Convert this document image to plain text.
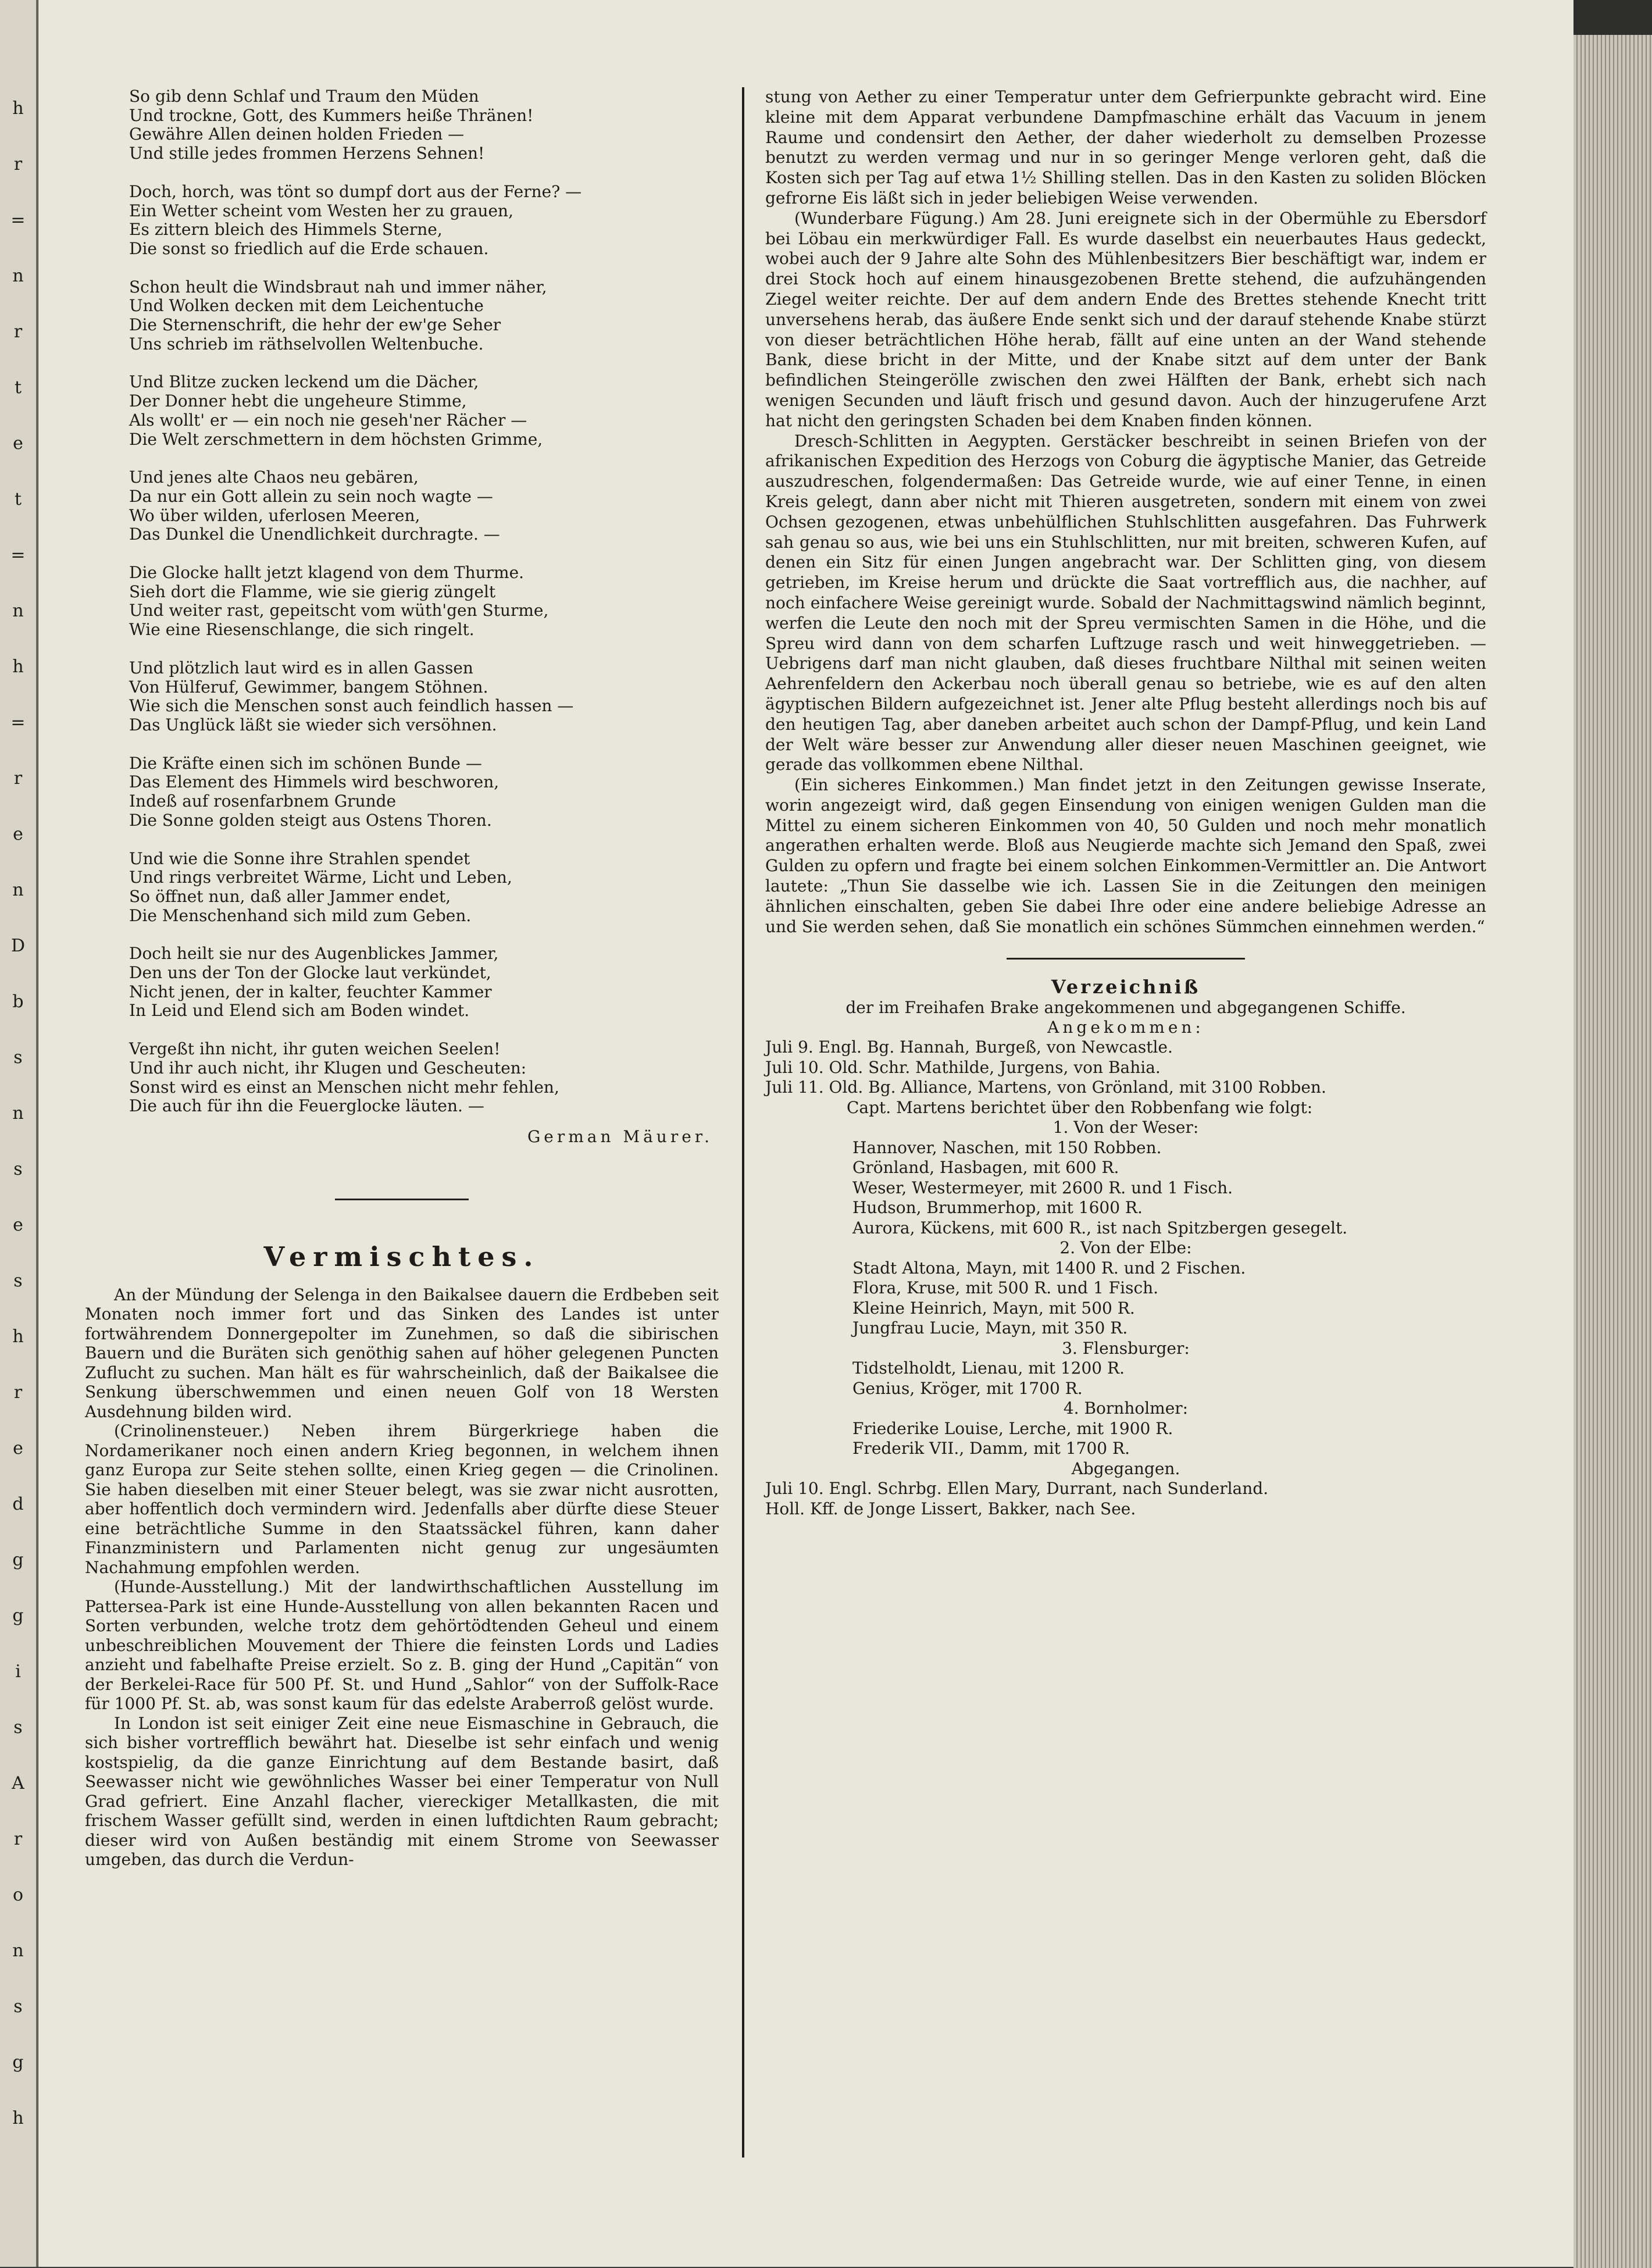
h
r
=
n
r
t
e
t
=
n
h
=
r
e
n
D
b
s
n
s
e
s
h
r
e
d
g
g
i
s
A
r
o
n
s
g
h
So gib denn Schlaf und Traum den Müden
Und trockne, Gott, des Kummers heiße Thränen!
Gewähre Allen deinen holden Frieden —
Und stille jedes frommen Herzens Sehnen!
Doch, horch, was tönt so dumpf dort aus der Ferne? —
Ein Wetter scheint vom Westen her zu grauen,
Es zittern bleich des Himmels Sterne,
Die sonst so friedlich auf die Erde schauen.
Schon heult die Windsbraut nah und immer näher,
Und Wolken decken mit dem Leichentuche
Die Sternenschrift, die hehr der ew'ge Seher
Uns schrieb im räthselvollen Weltenbuche.
Und Blitze zucken leckend um die Dächer,
Der Donner hebt die ungeheure Stimme,
Als wollt' er — ein noch nie geseh'ner Rächer —
Die Welt zerschmettern in dem höchsten Grimme,
Und jenes alte Chaos neu gebären,
Da nur ein Gott allein zu sein noch wagte —
Wo über wilden, uferlosen Meeren,
Das Dunkel die Unendlichkeit durchragte. —
Die Glocke hallt jetzt klagend von dem Thurme.
Sieh dort die Flamme, wie sie gierig züngelt
Und weiter rast, gepeitscht vom wüth'gen Sturme,
Wie eine Riesenschlange, die sich ringelt.
Und plötzlich laut wird es in allen Gassen
Von Hülferuf, Gewimmer, bangem Stöhnen.
Wie sich die Menschen sonst auch feindlich hassen —
Das Unglück läßt sie wieder sich versöhnen.
Die Kräfte einen sich im schönen Bunde —
Das Element des Himmels wird beschworen,
Indeß auf rosenfarbnem Grunde
Die Sonne golden steigt aus Ostens Thoren.
Und wie die Sonne ihre Strahlen spendet
Und rings verbreitet Wärme, Licht und Leben,
So öffnet nun, daß aller Jammer endet,
Die Menschenhand sich mild zum Geben.
Doch heilt sie nur des Augenblickes Jammer,
Den uns der Ton der Glocke laut verkündet,
Nicht jenen, der in kalter, feuchter Kammer
In Leid und Elend sich am Boden windet.
Vergeßt ihn nicht, ihr guten weichen Seelen!
Und ihr auch nicht, ihr Klugen und Gescheuten:
Sonst wird es einst an Menschen nicht mehr fehlen,
Die auch für ihn die Feuerglocke läuten. —
German Mäurer.
Vermischtes.

An der Mündung der Selenga in den Baikalsee dauern die Erdbeben seit Monaten noch immer fort und das Sinken des Landes ist unter fortwährendem Donnergepolter im Zunehmen, so daß die sibirischen Bauern und die Buräten sich genöthig sahen auf höher gelegenen Puncten Zuflucht zu suchen. Man hält es für wahrscheinlich, daß der Baikalsee die Senkung überschwemmen und einen neuen Golf von 18 Wersten Ausdehnung bilden wird.

(Crinolinensteuer.) Neben ihrem Bürgerkriege haben die Nordamerikaner noch einen andern Krieg begonnen, in welchem ihnen ganz Europa zur Seite stehen sollte, einen Krieg gegen — die Crinolinen. Sie haben dieselben mit einer Steuer belegt, was sie zwar nicht ausrotten, aber hoffentlich doch vermindern wird. Jedenfalls aber dürfte diese Steuer eine beträchtliche Summe in den Staatssäckel führen, kann daher Finanzministern und Parlamenten nicht genug zur ungesäumten Nachahmung empfohlen werden.

(Hunde-Ausstellung.) Mit der landwirthschaftlichen Ausstellung im Pattersea-Park ist eine Hunde-Ausstellung von allen bekannten Racen und Sorten verbunden, welche trotz dem gehörtödtenden Geheul und einem unbeschreiblichen Mouvement der Thiere die feinsten Lords und Ladies anzieht und fabelhafte Preise erzielt. So z. B. ging der Hund „Capitän“ von der Berkelei-Race für 500 Pf. St. und Hund „Sahlor“ von der Suffolk-Race für 1000 Pf. St. ab, was sonst kaum für das edelste Araberroß gelöst wurde.

In London ist seit einiger Zeit eine neue Eismaschine in Gebrauch, die sich bisher vortrefflich bewährt hat. Dieselbe ist sehr einfach und wenig kostspielig, da die ganze Einrichtung auf dem Bestande basirt, daß Seewasser nicht wie gewöhnliches Wasser bei einer Temperatur von Null Grad gefriert. Eine Anzahl flacher, viereckiger Metallkasten, die mit frischem Wasser gefüllt sind, werden in einen luftdichten Raum gebracht; dieser wird von Außen beständig mit einem Strome von Seewasser umgeben, das durch die Verdun-

stung von Aether zu einer Temperatur unter dem Gefrierpunkte gebracht wird. Eine kleine mit dem Apparat verbundene Dampfmaschine erhält das Vacuum in jenem Raume und condensirt den Aether, der daher wiederholt zu demselben Prozesse benutzt zu werden vermag und nur in so geringer Menge verloren geht, daß die Kosten sich per Tag auf etwa 1½ Shilling stellen. Das in den Kasten zu soliden Blöcken gefrorne Eis läßt sich in jeder beliebigen Weise verwenden.

(Wunderbare Fügung.) Am 28. Juni ereignete sich in der Obermühle zu Ebersdorf bei Löbau ein merkwürdiger Fall. Es wurde daselbst ein neuerbautes Haus gedeckt, wobei auch der 9 Jahre alte Sohn des Mühlenbesitzers Bier beschäftigt war, indem er drei Stock hoch auf einem hinausgezobenen Brette stehend, die aufzuhängenden Ziegel weiter reichte. Der auf dem andern Ende des Brettes stehende Knecht tritt unversehens herab, das äußere Ende senkt sich und der darauf stehende Knabe stürzt von dieser beträchtlichen Höhe herab, fällt auf eine unten an der Wand stehende Bank, diese bricht in der Mitte, und der Knabe sitzt auf dem unter der Bank befindlichen Steingerölle zwischen den zwei Hälften der Bank, erhebt sich nach wenigen Secunden und läuft frisch und gesund davon. Auch der hinzugerufene Arzt hat nicht den geringsten Schaden bei dem Knaben finden können.

Dresch-Schlitten in Aegypten. Gerstäcker beschreibt in seinen Briefen von der afrikanischen Expedition des Herzogs von Coburg die ägyptische Manier, das Getreide auszudreschen, folgendermaßen: Das Getreide wurde, wie auf einer Tenne, in einen Kreis gelegt, dann aber nicht mit Thieren ausgetreten, sondern mit einem von zwei Ochsen gezogenen, etwas unbehülflichen Stuhlschlitten ausgefahren. Das Fuhrwerk sah genau so aus, wie bei uns ein Stuhlschlitten, nur mit breiten, schweren Kufen, auf denen ein Sitz für einen Jungen angebracht war. Der Schlitten ging, von diesem getrieben, im Kreise herum und drückte die Saat vortrefflich aus, die nachher, auf noch einfachere Weise gereinigt wurde. Sobald der Nachmittagswind nämlich beginnt, werfen die Leute den noch mit der Spreu vermischten Samen in die Höhe, und die Spreu wird dann von dem scharfen Luftzuge rasch und weit hinweggetrieben. — Uebrigens darf man nicht glauben, daß dieses fruchtbare Nilthal mit seinen weiten Aehrenfeldern den Ackerbau noch überall genau so betriebe, wie es auf den alten ägyptischen Bildern aufgezeichnet ist. Jener alte Pflug besteht allerdings noch bis auf den heutigen Tag, aber daneben arbeitet auch schon der Dampf-Pflug, und kein Land der Welt wäre besser zur Anwendung aller dieser neuen Maschinen geeignet, wie gerade das vollkommen ebene Nilthal.

(Ein sicheres Einkommen.) Man findet jetzt in den Zeitungen gewisse Inserate, worin angezeigt wird, daß gegen Einsendung von einigen wenigen Gulden man die Mittel zu einem sicheren Einkommen von 40, 50 Gulden und noch mehr monatlich angerathen erhalten werde. Bloß aus Neugierde machte sich Jemand den Spaß, zwei Gulden zu opfern und fragte bei einem solchen Einkommen-Vermittler an. Die Antwort lautete: „Thun Sie dasselbe wie ich. Lassen Sie in die Zeitungen den meinigen ähnlichen einschalten, geben Sie dabei Ihre oder eine andere beliebige Adresse an und Sie werden sehen, daß Sie monatlich ein schönes Sümmchen einnehmen werden.“

Verzeichniß
der im Freihafen Brake angekommenen und abgegangenen Schiffe.
Angekommen:
Juli 9. Engl. Bg. Hannah, Burgeß, von Newcastle.
Juli 10. Old. Schr. Mathilde, Jurgens, von Bahia.
Juli 11. Old. Bg. Alliance, Martens, von Grönland, mit 3100 Robben.
Capt. Martens berichtet über den Robbenfang wie folgt:
1. Von der Weser:
Hannover, Naschen, mit 150 Robben.
Grönland, Hasbagen, mit 600 R.
Weser, Westermeyer, mit 2600 R. und 1 Fisch.
Hudson, Brummerhop, mit 1600 R.
Aurora, Kückens, mit 600 R., ist nach Spitzbergen gesegelt.
2. Von der Elbe:
Stadt Altona, Mayn, mit 1400 R. und 2 Fischen.
Flora, Kruse, mit 500 R. und 1 Fisch.
Kleine Heinrich, Mayn, mit 500 R.
Jungfrau Lucie, Mayn, mit 350 R.
3. Flensburger:
Tidstelholdt, Lienau, mit 1200 R.
Genius, Kröger, mit 1700 R.
4. Bornholmer:
Friederike Louise, Lerche, mit 1900 R.
Frederik VII., Damm, mit 1700 R.
Abgegangen.
Juli 10. Engl. Schrbg. Ellen Mary, Durrant, nach Sunderland.
Holl. Kff. de Jonge Lissert, Bakker, nach See.
